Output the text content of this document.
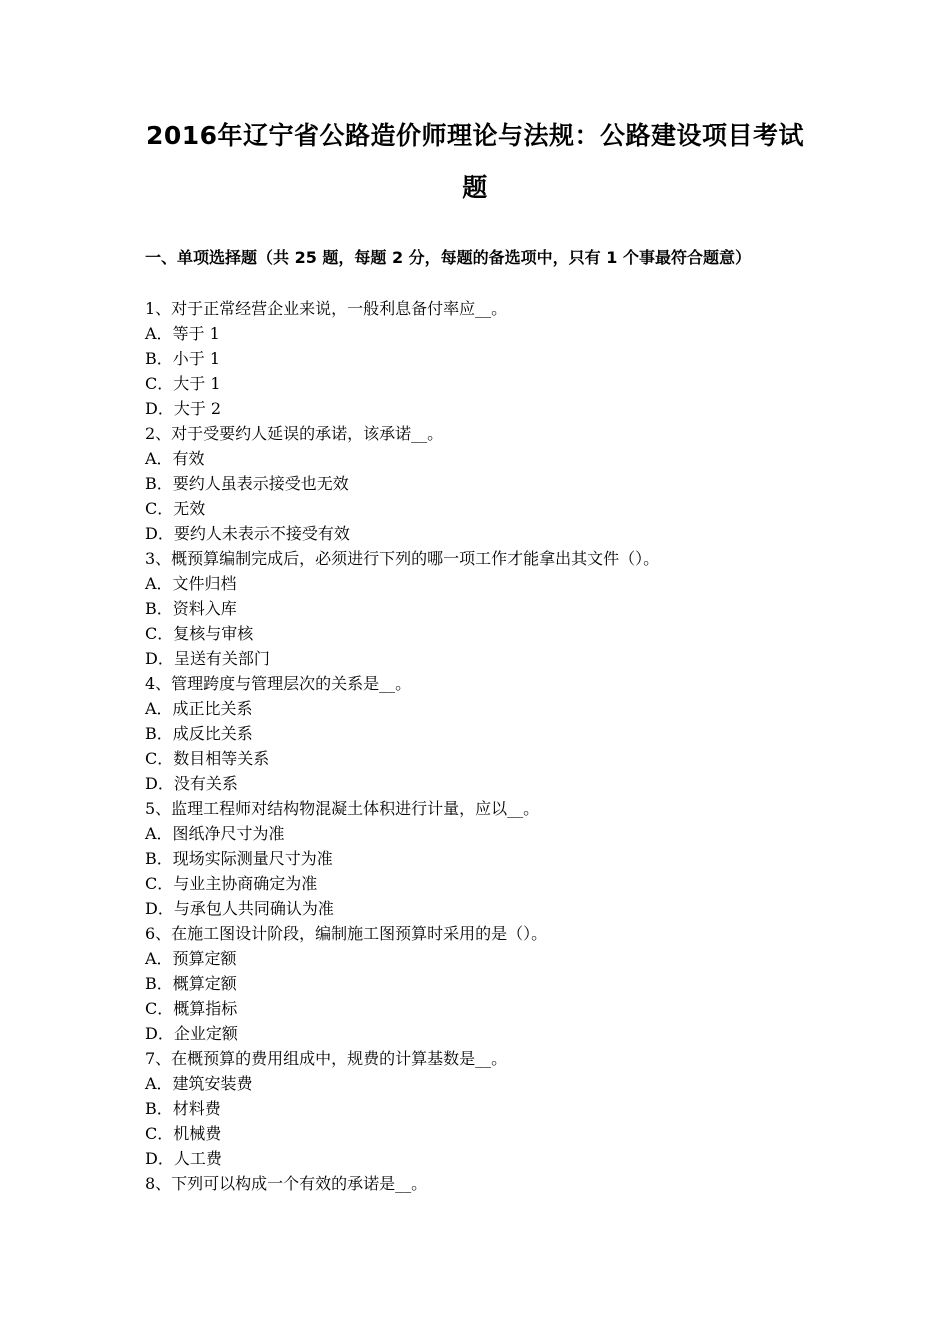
2016年辽宁省公路造价师理论与法规：公路建设项目考试
题
一、单项选择题（共 25 题，每题 2 分，每题的备选项中，只有 1 个事最符合题意）
1、对于正常经营企业来说，一般利息备付率应__。
A．等于 1
B．小于 1
C．大于 1
D．大于 2
2、对于受要约人延误的承诺，该承诺__。
A．有效
B．要约人虽表示接受也无效
C．无效
D．要约人未表示不接受有效
3、概预算编制完成后，必须进行下列的哪一项工作才能拿出其文件（）。
A．文件归档
B．资料入库
C．复核与审核
D．呈送有关部门
4、管理跨度与管理层次的关系是__。
A．成正比关系
B．成反比关系
C．数目相等关系
D．没有关系
5、监理工程师对结构物混凝土体积进行计量，应以__。
A．图纸净尺寸为准
B．现场实际测量尺寸为准
C．与业主协商确定为准
D．与承包人共同确认为准
6、在施工图设计阶段，编制施工图预算时采用的是（）。
A．预算定额
B．概算定额
C．概算指标
D．企业定额
7、在概预算的费用组成中，规费的计算基数是__。
A．建筑安装费
B．材料费
C．机械费
D．人工费
8、下列可以构成一个有效的承诺是__。
